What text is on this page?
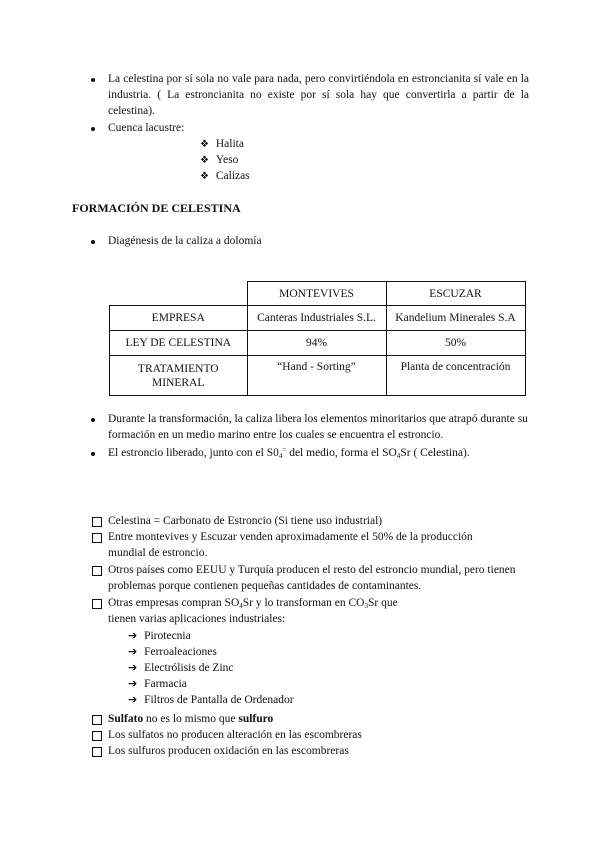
La celestina por sí sola no vale para nada, pero convirtiéndola en estroncianita sí vale en la industria. ( La estroncianita no existe por sí sola hay que convertirla a partir de la celestina).
Cuenca lacustre:
❖ Halita
❖ Yeso
❖ Calizas
FORMACIÓN DE CELESTINA
Diagénesis de la caliza a dolomía
	MONTEVIVES	ESCUZAR
EMPRESA	Canteras Industriales S.L.	Kandelium Minerales S.A
LEY DE CELESTINA	94%	50%

TRATAMIENTO
MINERAL	“Hand - Sorting”	Planta de concentración
Durante la transformación, la caliza libera los elementos minoritarios que atrapó durante su formación en un medio marino entre los cuales se encuentra el estroncio.
El estroncio liberado, junto con el $S0_4^=$ del medio, forma el $SO_4Sr$ ( Celestina).
Celestina = Carbonato de Estroncio (Si tiene uso industrial)
Entre montevives y Escuzar venden aproximadamente el 50% de la producción mundial de estroncio.
Otros países como EEUU y Turquía producen el resto del estroncio mundial, pero tienen problemas porque contienen pequeñas cantidades de contaminantes.
Otras empresas compran $SO_4Sr$ y lo transforman en $CO_3Sr$ que tienen varias aplicaciones industriales:
➔ Pirotecnia
➔ Ferroaleaciones
➔ Electrólisis de Zinc
➔ Farmacia
➔ Filtros de Pantalla de Ordenador
Sulfato no es lo mismo que sulfuro
Los sulfatos no producen alteración en las escombreras
Los sulfuros producen oxidación en las escombreras
